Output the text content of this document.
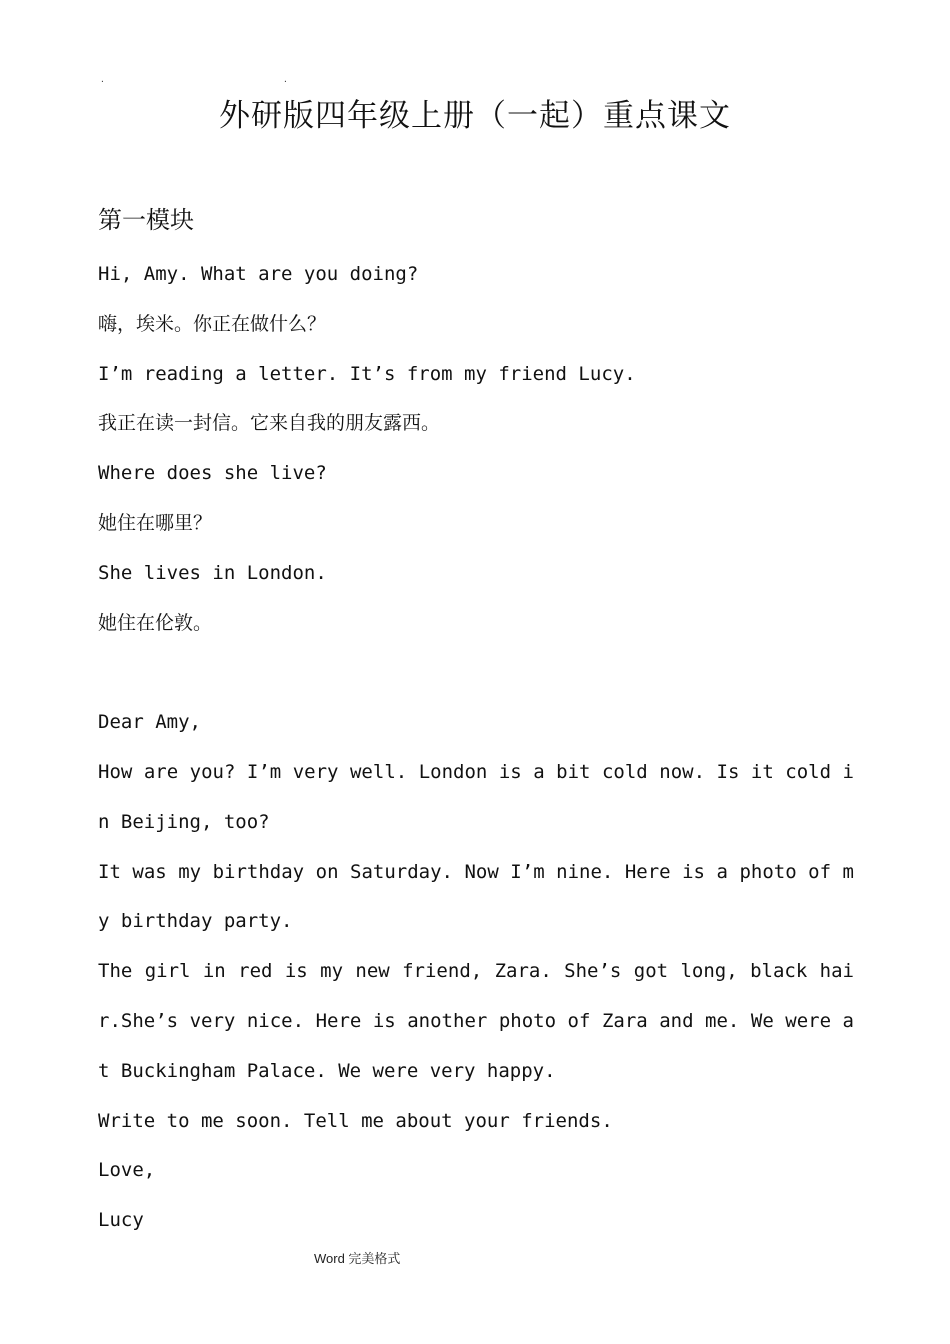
.	.
外研版四年级上册（一起）重点课文
第一模块

Hi, Amy. What are you doing?

嗨，埃米。你正在做什么？

I’m reading a letter. It’s from my friend Lucy.

我正在读一封信。它来自我的朋友露西。

Where does she live?

她住在哪里？

She lives in London.

她住在伦敦。

Dear Amy,

How are you? I’m very well. London is a bit cold now. Is it cold in Beijing, too?

It was my birthday on Saturday. Now I’m nine. Here is a photo of my birthday party.

The girl in red is my new friend, Zara. She’s got long, black hair.She’s very nice. Here is another photo of Zara and me. We were at Buckingham Palace. We were very happy.

Write to me soon. Tell me about your friends.

Love,

Lucy

Word 完美格式
